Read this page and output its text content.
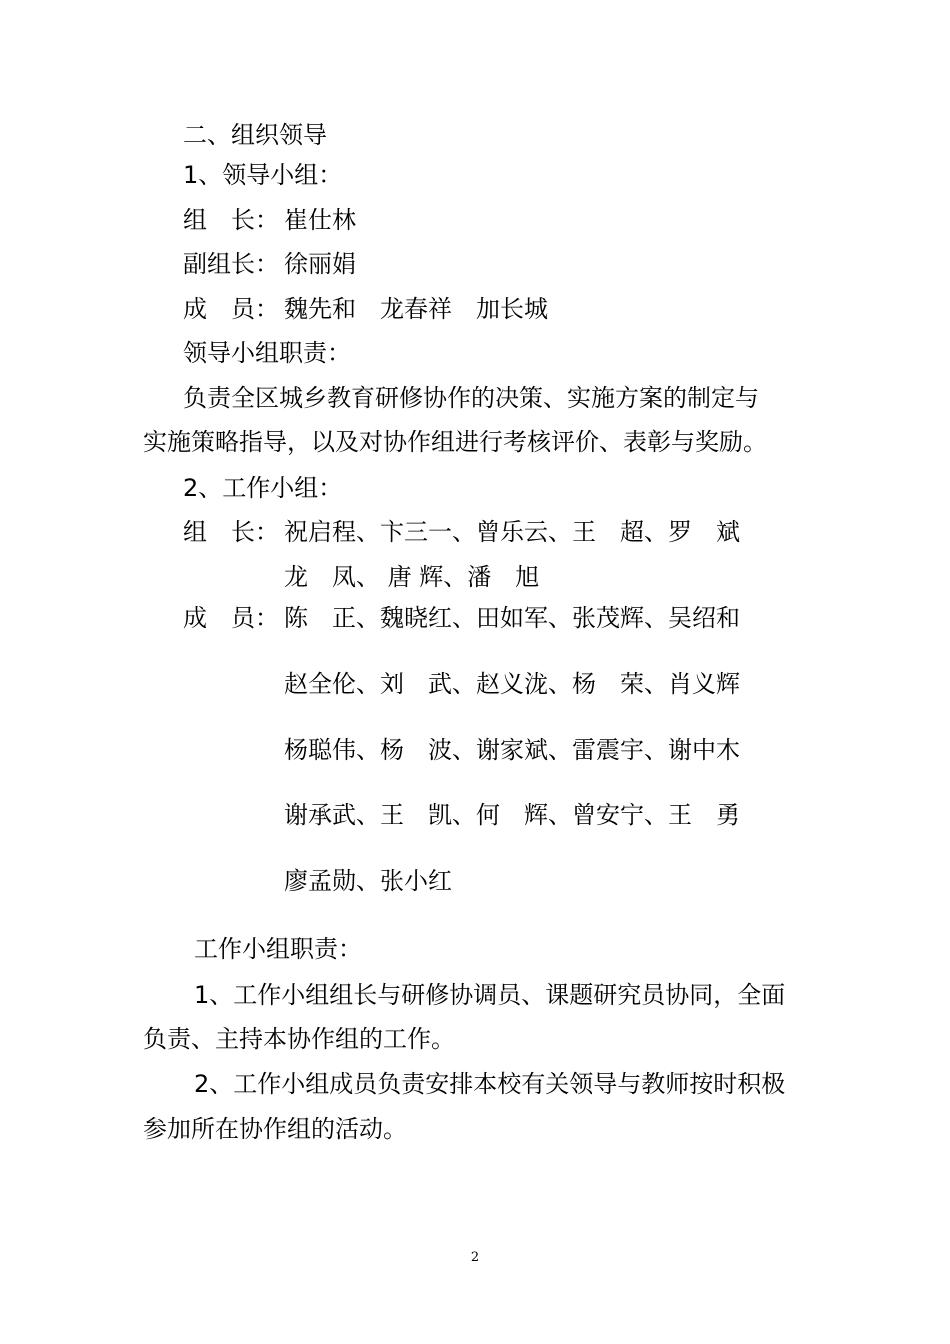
二、组织领导
1、领导小组：
组　长： 崔仕林
副组长： 徐丽娟
成　员： 魏先和　龙春祥　加长城
领导小组职责：
负责全区城乡教育研修协作的决策、实施方案的制定与
实施策略指导，以及对协作组进行考核评价、表彰与奖励。
2、工作小组：
组　长： 祝启程、卞三一、曾乐云、王　超、罗　斌
龙　凤、 唐 辉、潘　旭
成　员： 陈　正、魏晓红、田如军、张茂辉、吴绍和
赵全伦、刘　武、赵义泷、杨　荣、肖义辉
杨聪伟、杨　波、谢家斌、雷震宇、谢中木
谢承武、王　凯、何　辉、曾安宁、王　勇
廖孟勋、张小红
工作小组职责：
1、工作小组组长与研修协调员、课题研究员协同，全面
负责、主持本协作组的工作。
2、工作小组成员负责安排本校有关领导与教师按时积极
参加所在协作组的活动。
2
